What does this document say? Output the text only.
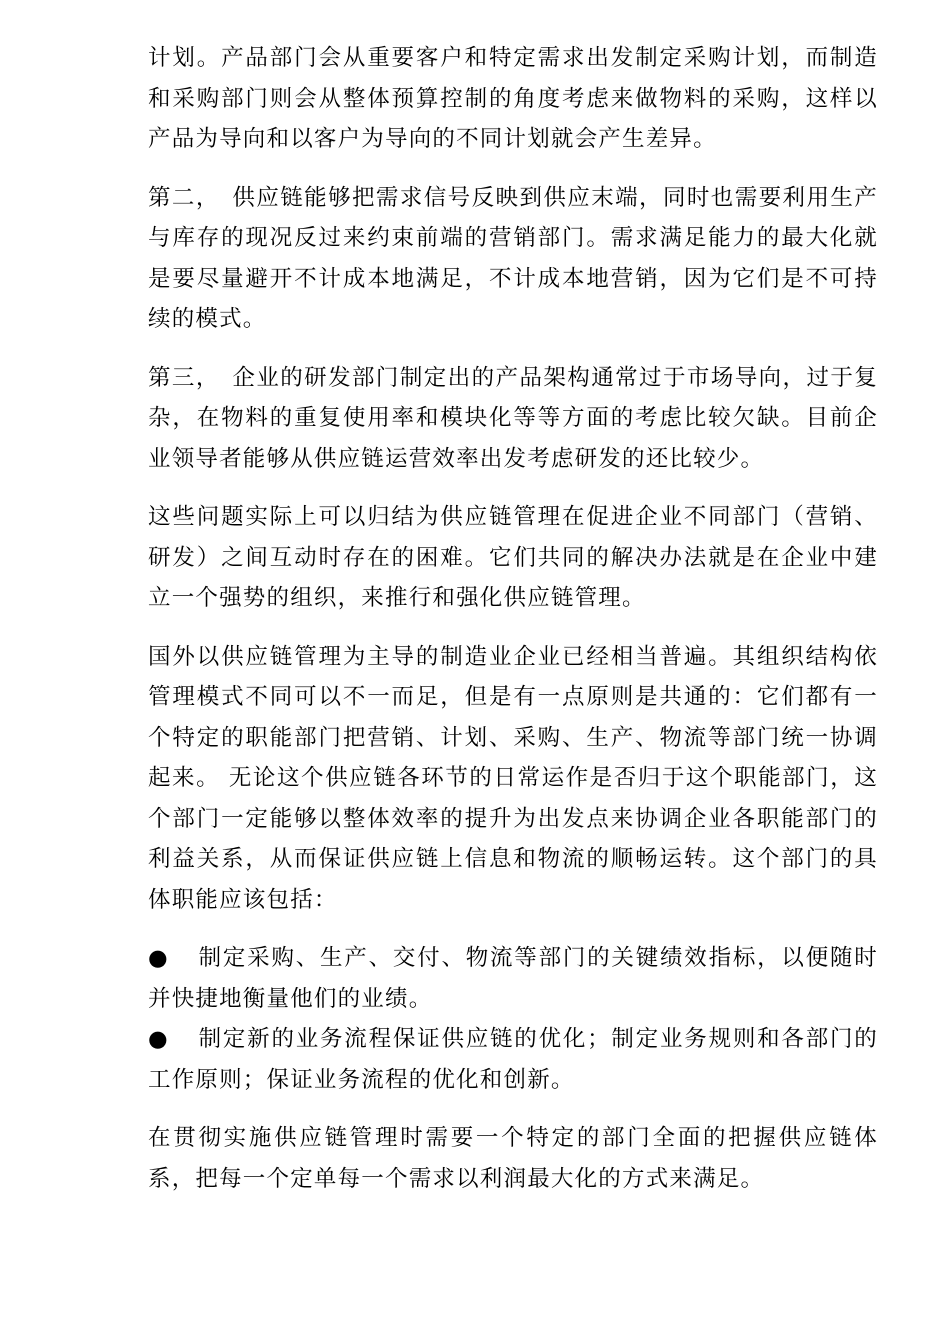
计划。产品部门会从重要客户和特定需求出发制定采购计划，而制造和采购部门则会从整体预算控制的角度考虑来做物料的采购，这样以产品为导向和以客户为导向的不同计划就会产生差异。

第二，　供应链能够把需求信号反映到供应末端，同时也需要利用生产与库存的现况反过来约束前端的营销部门。需求满足能力的最大化就是要尽量避开不计成本地满足，不计成本地营销，因为它们是不可持续的模式。

第三，　企业的研发部门制定出的产品架构通常过于市场导向，过于复杂，在物料的重复使用率和模块化等等方面的考虑比较欠缺。目前企业领导者能够从供应链运营效率出发考虑研发的还比较少。

这些问题实际上可以归结为供应链管理在促进企业不同部门（营销、研发）之间互动时存在的困难。它们共同的解决办法就是在企业中建立一个强势的组织，来推行和强化供应链管理。

国外以供应链管理为主导的制造业企业已经相当普遍。其组织结构依管理模式不同可以不一而足，但是有一点原则是共通的：它们都有一个特定的职能部门把营销、计划、采购、生产、物流等部门统一协调起来。 无论这个供应链各环节的日常运作是否归于这个职能部门，这个部门一定能够以整体效率的提升为出发点来协调企业各职能部门的利益关系，从而保证供应链上信息和物流的顺畅运转。这个部门的具体职能应该包括：

● 制定采购、生产、交付、物流等部门的关键绩效指标，以便随时并快捷地衡量他们的业绩。
● 制定新的业务流程保证供应链的优化；制定业务规则和各部门的工作原则；保证业务流程的优化和创新。

在贯彻实施供应链管理时需要一个特定的部门全面的把握供应链体系，把每一个定单每一个需求以利润最大化的方式来满足。
